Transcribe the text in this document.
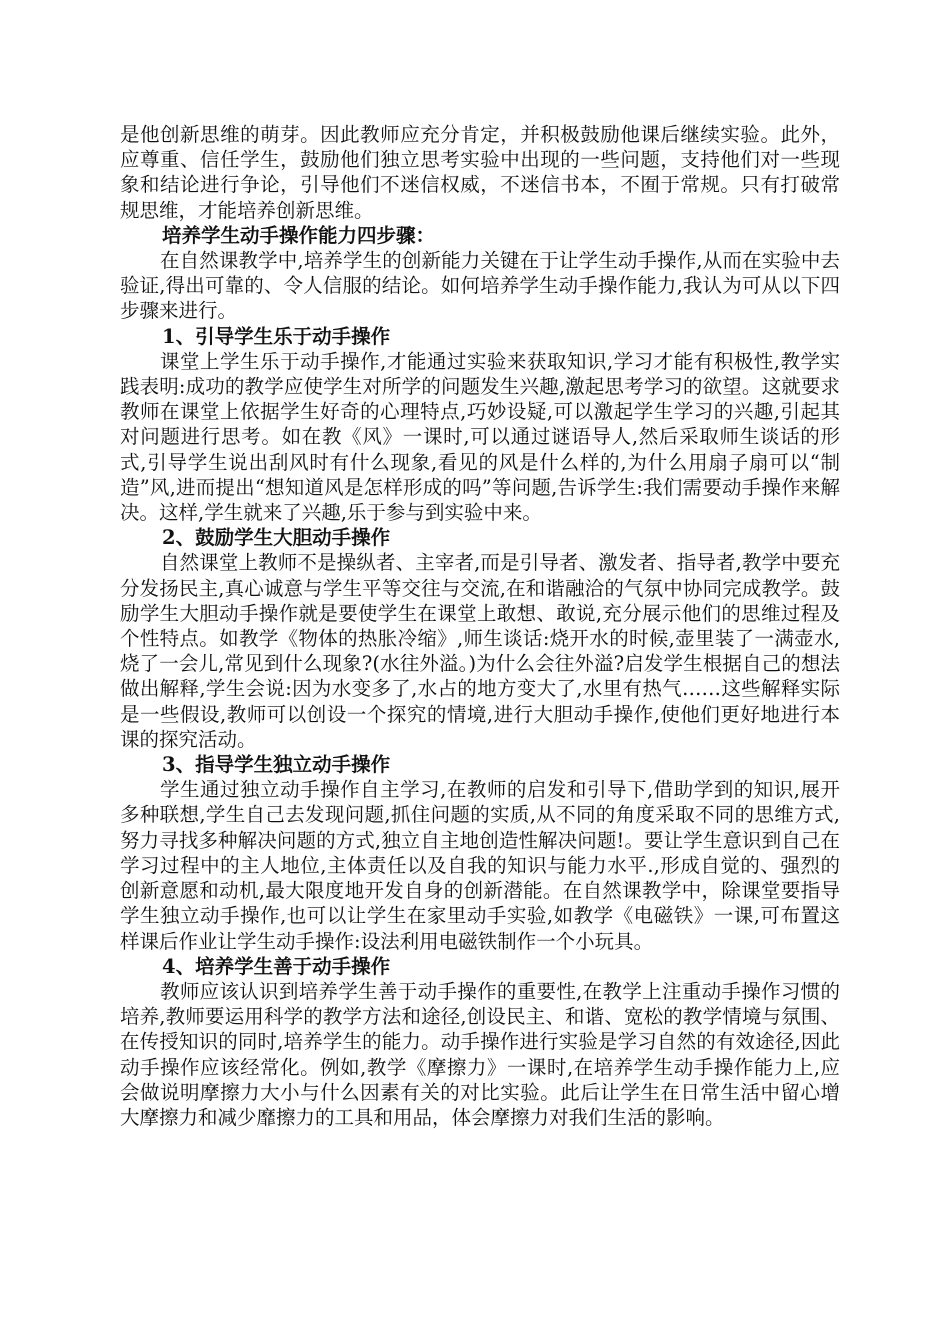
是他创新思维的萌芽。因此教师应充分肯定，并积极鼓励他课后继续实验。此外，应尊重、信任学生，鼓励他们独立思考实验中出现的一些问题，支持他们对一些现象和结论进行争论，引导他们不迷信权威，不迷信书本，不囿于常规。只有打破常规思维，才能培养创新思维。

培养学生动手操作能力四步骤：

在自然课教学中,培养学生的创新能力关键在于让学生动手操作,从而在实验中去验证,得出可靠的、令人信服的结论。如何培养学生动手操作能力,我认为可从以下四步骤来进行。

1、引导学生乐于动手操作

课堂上学生乐于动手操作,才能通过实验来获取知识,学习才能有积极性,教学实践表明:成功的教学应使学生对所学的问题发生兴趣,激起思考学习的欲望。这就要求教师在课堂上依据学生好奇的心理特点,巧妙设疑,可以激起学生学习的兴趣,引起其对问题进行思考。如在教《风》一课时,可以通过谜语导人,然后采取师生谈话的形式,引导学生说出刮风时有什么现象,看见的风是什么样的,为什么用扇子扇可以“制造”风,进而提出“想知道风是怎样形成的吗”等问题,告诉学生:我们需要动手操作来解决。这样,学生就来了兴趣,乐于参与到实验中来。

2、鼓励学生大胆动手操作

自然课堂上教师不是操纵者、主宰者,而是引导者、激发者、指导者,教学中要充分发扬民主,真心诚意与学生平等交往与交流,在和谐融洽的气氛中协同完成教学。鼓励学生大胆动手操作就是要使学生在课堂上敢想、敢说,充分展示他们的思维过程及个性特点。如教学《物体的热胀冷缩》,师生谈话:烧开水的时候,壶里装了一满壶水,烧了一会儿,常见到什么现象?(水往外溢。)为什么会往外溢?启发学生根据自己的想法做出解释,学生会说:因为水变多了,水占的地方变大了,水里有热气……这些解释实际是一些假设,教师可以创设一个探究的情境,进行大胆动手操作,使他们更好地进行本课的探究活动。

3、指导学生独立动手操作

学生通过独立动手操作自主学习,在教师的启发和引导下,借助学到的知识,展开多种联想,学生自己去发现问题,抓住问题的实质,从不同的角度采取不同的思维方式,努力寻找多种解决问题的方式,独立自主地创造性解决问题!。要让学生意识到自己在学习过程中的主人地位,主体责任以及自我的知识与能力水平.,形成自觉的、强烈的创新意愿和动机,最大限度地开发自身的创新潜能。在自然课教学中，除课堂要指导学生独立动手操作,也可以让学生在家里动手实验,如教学《电磁铁》一课,可布置这样课后作业让学生动手操作:设法利用电磁铁制作一个小玩具。

4、培养学生善于动手操作

教师应该认识到培养学生善于动手操作的重要性,在教学上注重动手操作习惯的培养,教师要运用科学的教学方法和途径,创设民主、和谐、宽松的教学情境与氛围、在传授知识的同时,培养学生的能力。动手操作进行实验是学习自然的有效途径,因此动手操作应该经常化。例如,教学《摩擦力》一课时,在培养学生动手操作能力上,应会做说明摩擦力大小与什么因素有关的对比实验。此后让学生在日常生活中留心增大摩擦力和减少靡擦力的工具和用品，体会摩擦力对我们生活的影响。
